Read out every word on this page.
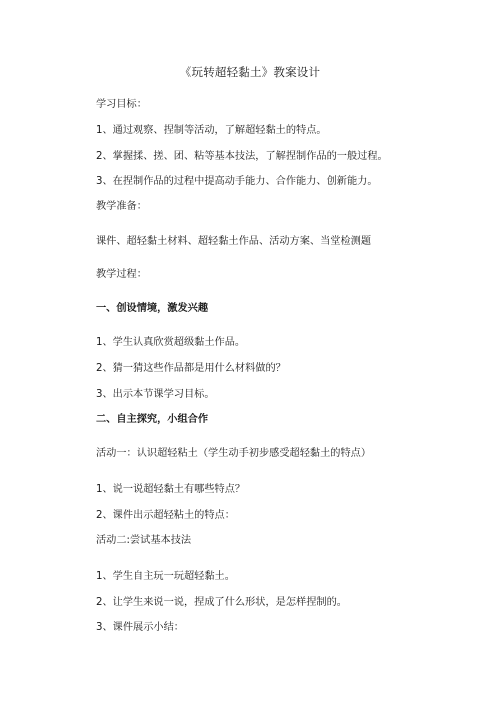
《玩转超轻黏土》教案设计
学习目标：
1、通过观察、捏制等活动，了解超轻黏土的特点。
2、掌握揉、搓、团、粘等基本技法，了解捏制作品的一般过程。
3、在捏制作品的过程中提高动手能力、合作能力、创新能力。
教学准备：
课件、超轻黏土材料、超轻黏土作品、活动方案、当堂检测题
教学过程：
一、创设情境，激发兴趣
1、学生认真欣赏超级黏土作品。
2、猜一猜这些作品都是用什么材料做的？
3、出示本节课学习目标。
二、自主探究，小组合作
活动一：认识超轻粘土（学生动手初步感受超轻黏土的特点）
1、说一说超轻黏土有哪些特点？
2、课件出示超轻粘土的特点：
活动二:尝试基本技法
1、学生自主玩一玩超轻黏土。
2、让学生来说一说，捏成了什么形状，是怎样捏制的。
3、课件展示小结：
